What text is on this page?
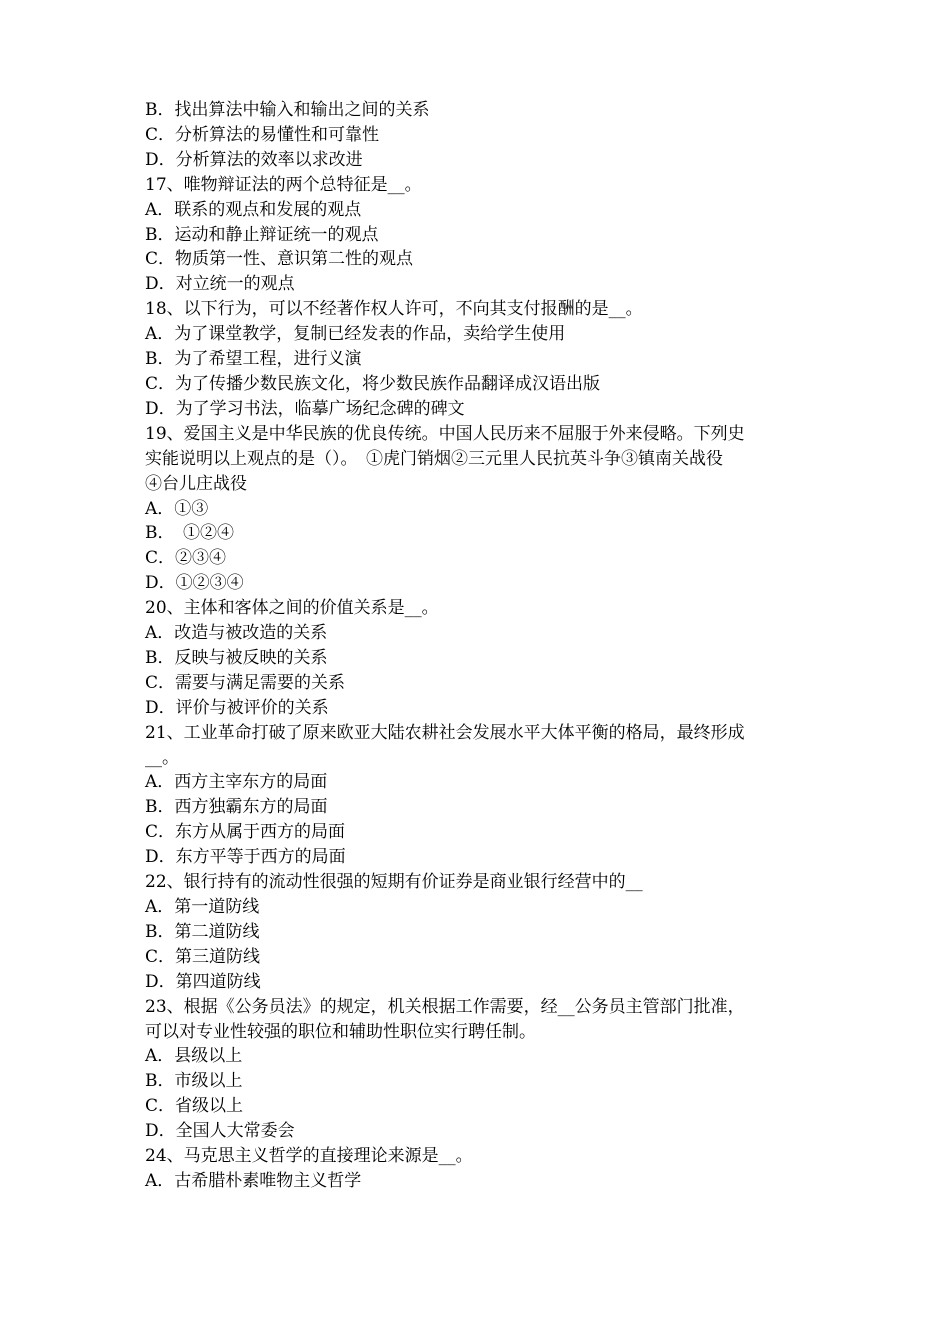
B．找出算法中输入和输出之间的关系

C．分析算法的易懂性和可靠性

D．分析算法的效率以求改进

17、唯物辩证法的两个总特征是__。

A．联系的观点和发展的观点

B．运动和静止辩证统一的观点

C．物质第一性、意识第二性的观点

D．对立统一的观点

18、以下行为，可以不经著作权人许可，不向其支付报酬的是__。

A．为了课堂教学，复制已经发表的作品，卖给学生使用

B．为了希望工程，进行义演

C．为了传播少数民族文化，将少数民族作品翻译成汉语出版

D．为了学习书法，临摹广场纪念碑的碑文

19、爱国主义是中华民族的优良传统。中国人民历来不屈服于外来侵略。下列史

实能说明以上观点的是（）。　①虎门销烟②三元里人民抗英斗争③镇南关战役

④台儿庄战役

A．①③

B．　①②④

C．②③④

D．①②③④

20、主体和客体之间的价值关系是__。

A．改造与被改造的关系

B．反映与被反映的关系

C．需要与满足需要的关系

D．评价与被评价的关系

21、工业革命打破了原来欧亚大陆农耕社会发展水平大体平衡的格局，最终形成

__。

A．西方主宰东方的局面

B．西方独霸东方的局面

C．东方从属于西方的局面

D．东方平等于西方的局面

22、银行持有的流动性很强的短期有价证券是商业银行经营中的__

A．第一道防线

B．第二道防线

C．第三道防线

D．第四道防线

23、根据《公务员法》的规定，机关根据工作需要，经__公务员主管部门批准，

可以对专业性较强的职位和辅助性职位实行聘任制。

A．县级以上

B．市级以上

C．省级以上

D．全国人大常委会

24、马克思主义哲学的直接理论来源是__。

A．古希腊朴素唯物主义哲学
